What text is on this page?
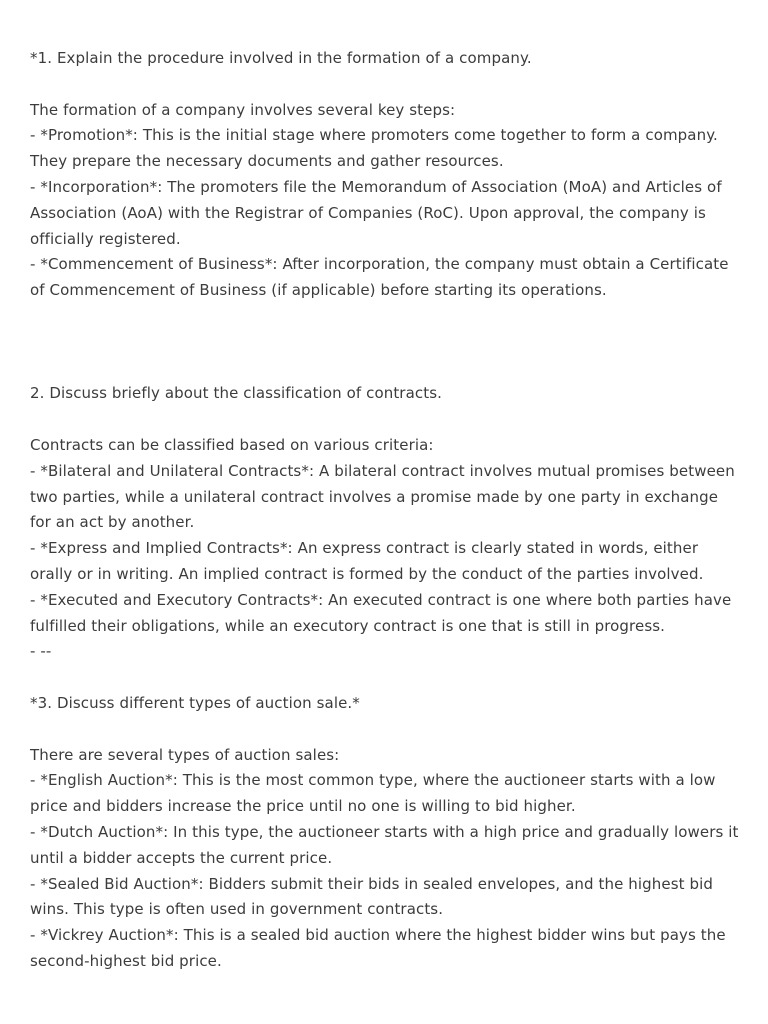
*1. Explain the procedure involved in the formation of a company.
The formation of a company involves several key steps:
- *Promotion*: This is the initial stage where promoters come together to form a company. They prepare the necessary documents and gather resources.
- *Incorporation*: The promoters file the Memorandum of Association (MoA) and Articles of Association (AoA) with the Registrar of Companies (RoC). Upon approval, the company is officially registered.
- *Commencement of Business*: After incorporation, the company must obtain a Certificate of Commencement of Business (if applicable) before starting its operations.
2. Discuss briefly about the classification of contracts.
Contracts can be classified based on various criteria:
- *Bilateral and Unilateral Contracts*: A bilateral contract involves mutual promises between two parties, while a unilateral contract involves a promise made by one party in exchange for an act by another.
- *Express and Implied Contracts*: An express contract is clearly stated in words, either orally or in writing. An implied contract is formed by the conduct of the parties involved.
- *Executed and Executory Contracts*: An executed contract is one where both parties have fulfilled their obligations, while an executory contract is one that is still in progress.
- --
*3. Discuss different types of auction sale.*
There are several types of auction sales:
- *English Auction*: This is the most common type, where the auctioneer starts with a low price and bidders increase the price until no one is willing to bid higher.
- *Dutch Auction*: In this type, the auctioneer starts with a high price and gradually lowers it until a bidder accepts the current price.
- *Sealed Bid Auction*: Bidders submit their bids in sealed envelopes, and the highest bid wins. This type is often used in government contracts.
- *Vickrey Auction*: This is a sealed bid auction where the highest bidder wins but pays the second-highest bid price.
